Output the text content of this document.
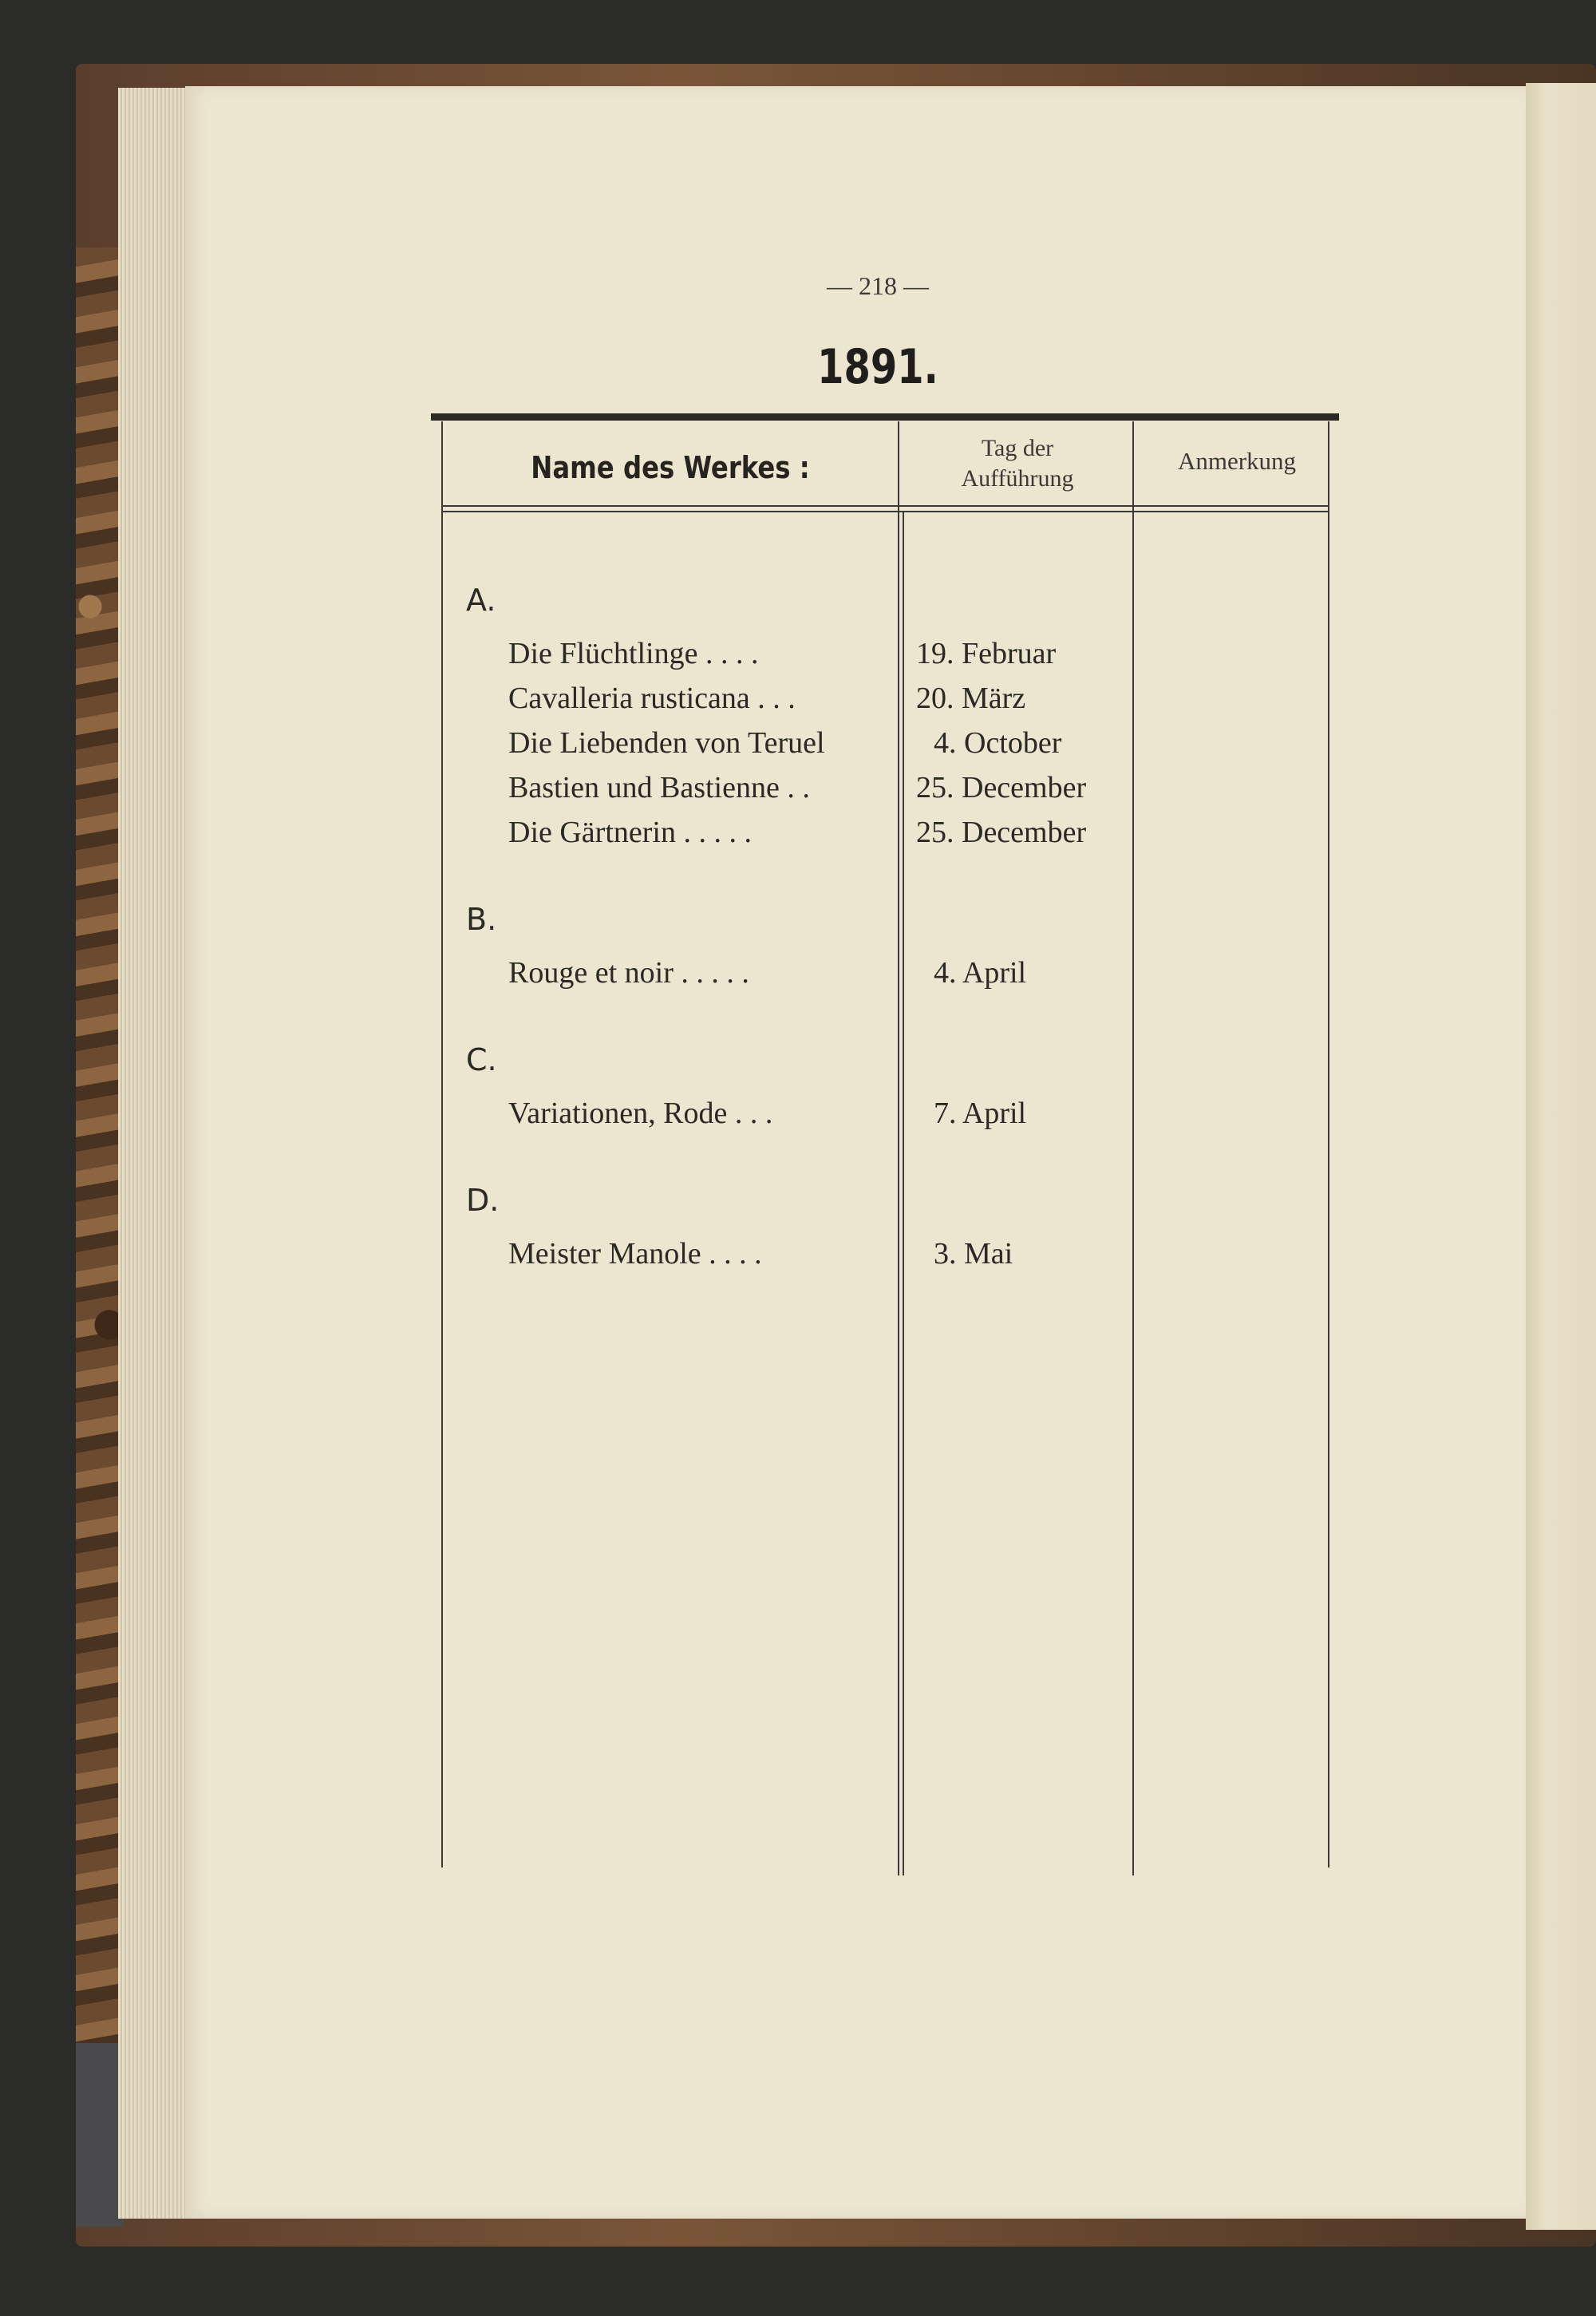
— 218 —
1891.
Name des Werkes :
Tag der
Aufführung
Anmerkung
A.
Die Flüchtlinge . . . .	19. Februar
Cavalleria rusticana . . .	20. März
Die Liebenden von Teruel	4. October
Bastien und Bastienne . .	25. December
Die Gärtnerin . . . . .	25. December
B.
Rouge et noir . . . . .	4. April
C.
Variationen, Rode . . .	7. April
D.
Meister Manole . . . .	3. Mai
